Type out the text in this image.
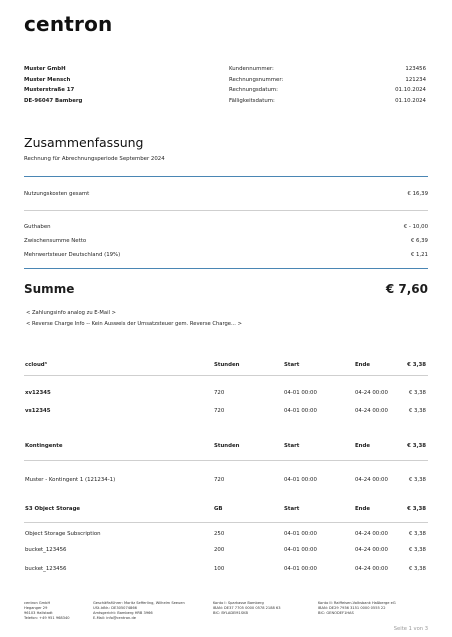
centron
Muster GmbH
Muster Mensch
Musterstraße 17
DE-96047 Bamberg
Kundennummer:	123456
Rechnungsnummer:	121234
Rechnungsdatum:	01.10.2024
Fälligkeitsdatum:	01.10.2024
Zusammenfassung
Rechnung für Abrechnungsperiode September 2024
Nutzungskosten gesamt	€ 16,39
Guthaben	€ - 10,00
Zwischensumme Netto	€ 6,39
Mehrwertsteuer Deutschland (19%)	€ 1,21
Summe	€ 7,60
< Zahlungsinfo analog zu E-Mail >
< Reverse Charge Info -- Kein Ausweis der Umsatzsteuer gem. Reverse Charge... >
ccloud³	Stunden	Start	Ende	€ 3,38
xv12345	720	04-01 00:00	04-24 00:00	€ 3,38
vs12345	720	04-01 00:00	04-24 00:00	€ 3,38
Kontingente	Stunden	Start	Ende	€ 3,38
Muster - Kontingent 1 (121234-1)	720	04-01 00:00	04-24 00:00	€ 3,38
S3 Object Storage	GB	Start	Ende	€ 3,38
Object Storage Subscription	250	04-01 00:00	04-24 00:00	€ 3,38
bucket_123456	200	04-01 00:00	04-24 00:00	€ 3,38
bucket_123456	100	04-01 00:00	04-24 00:00	€ 3,38
centron GmbH
Heganger 29
96103 Hallstadt
Telefon: +49 951 968340
Geschäftsführer: Moritz Sefferling, Wilhelm Seeuen
USt-IdNr.: DE305074866
Amtsgericht: Bamberg HRB 3966
E-Mail: info@centron.de
Konto I: Sparkasse Bamberg
IBAN: DE37 7705 0000 0578 2188 63
BIC: BYLADEM1SKB
Konto II: Raiffeisen-Volksbank Haßberge eG
IBAN: DE29 7936 3151 0000 0555 22
BIC: GENODEF1HAS
Seite 1 von 3
